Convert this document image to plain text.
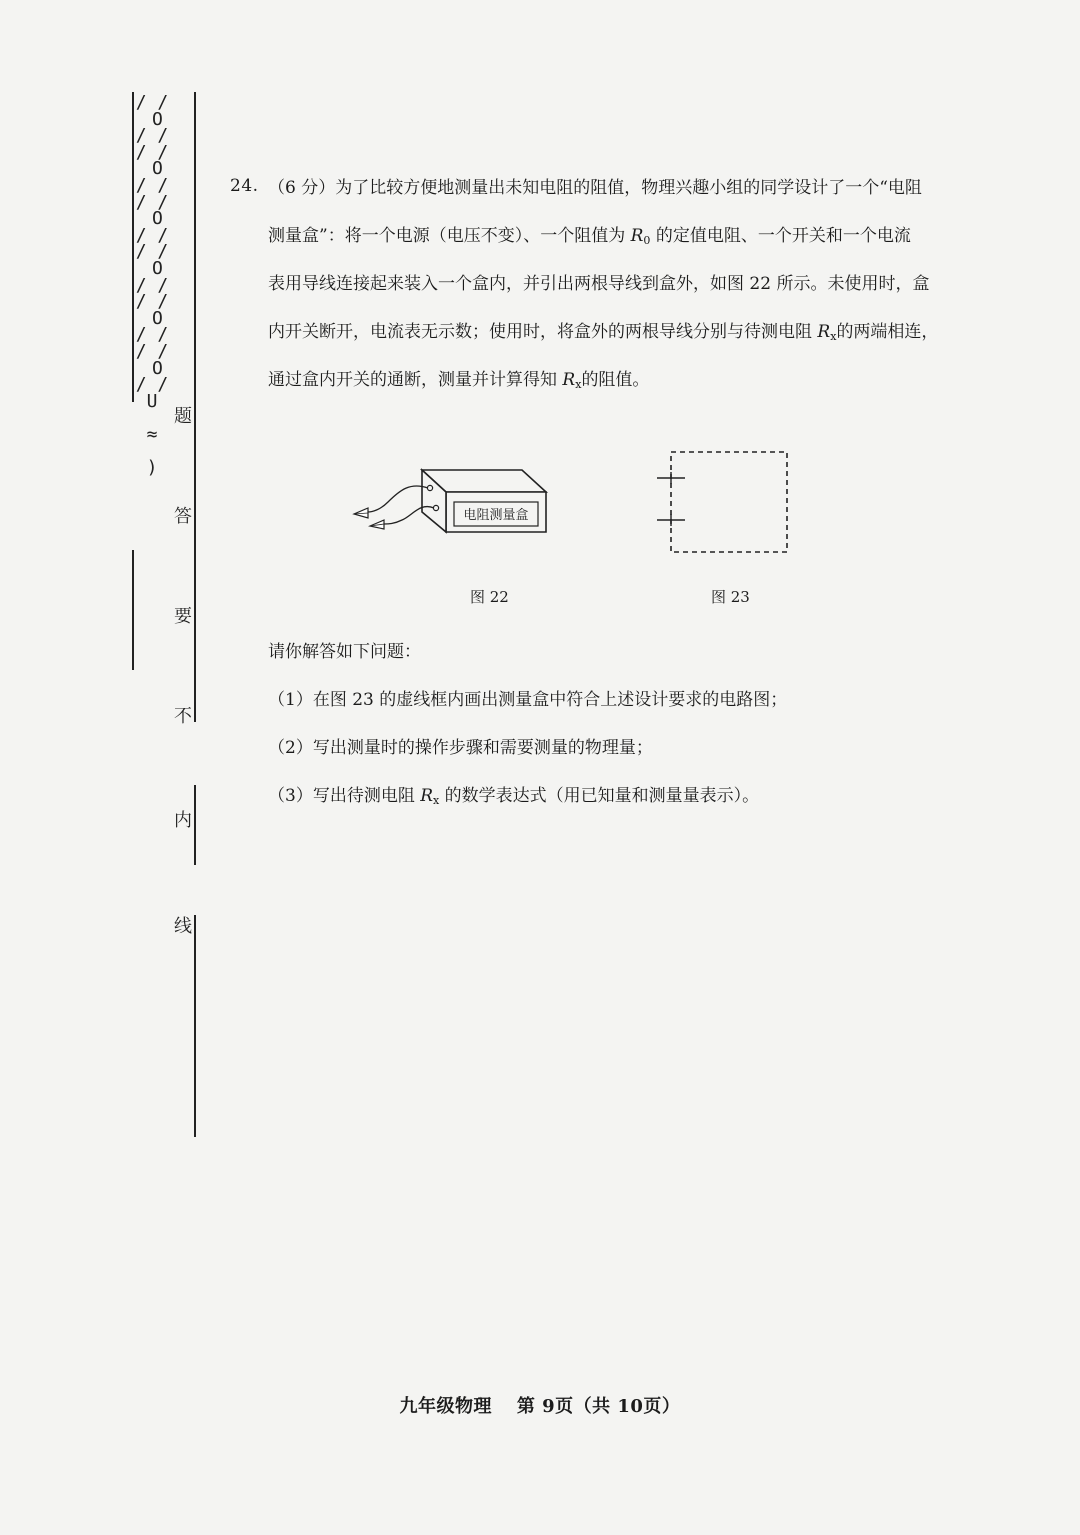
/ /
O
/ /
/ /
O
/ /
/ /
O
/ /
/ /
O
/ /
/ /
O
/ /
/ /
O
/ /
U

≈

)
题
答
要
不
内
线
24. （6 分）为了比较方便地测量出未知电阻的阻值，物理兴趣小组的同学设计了一个“电阻
测量盒”：将一个电源（电压不变）、一个阻值为 $R_0$ 的定值电阻、一个开关和一个电流
表用导线连接起来装入一个盒内，并引出两根导线到盒外，如图 22 所示。未使用时，盒
内开关断开，电流表无示数；使用时，将盒外的两根导线分别与待测电阻 $R_x$的两端相连，
通过盒内开关的通断，测量并计算得知 $R_x$的阻值。
电阻测量盒
图 22	图 23
请你解答如下问题：
（1）在图 23 的虚线框内画出测量盒中符合上述设计要求的电路图；
（2）写出测量时的操作步骤和需要测量的物理量；
（3）写出待测电阻 $R_x$ 的数学表达式（用已知量和测量量表示）。
九年级物理 第 9页（共 10页）
